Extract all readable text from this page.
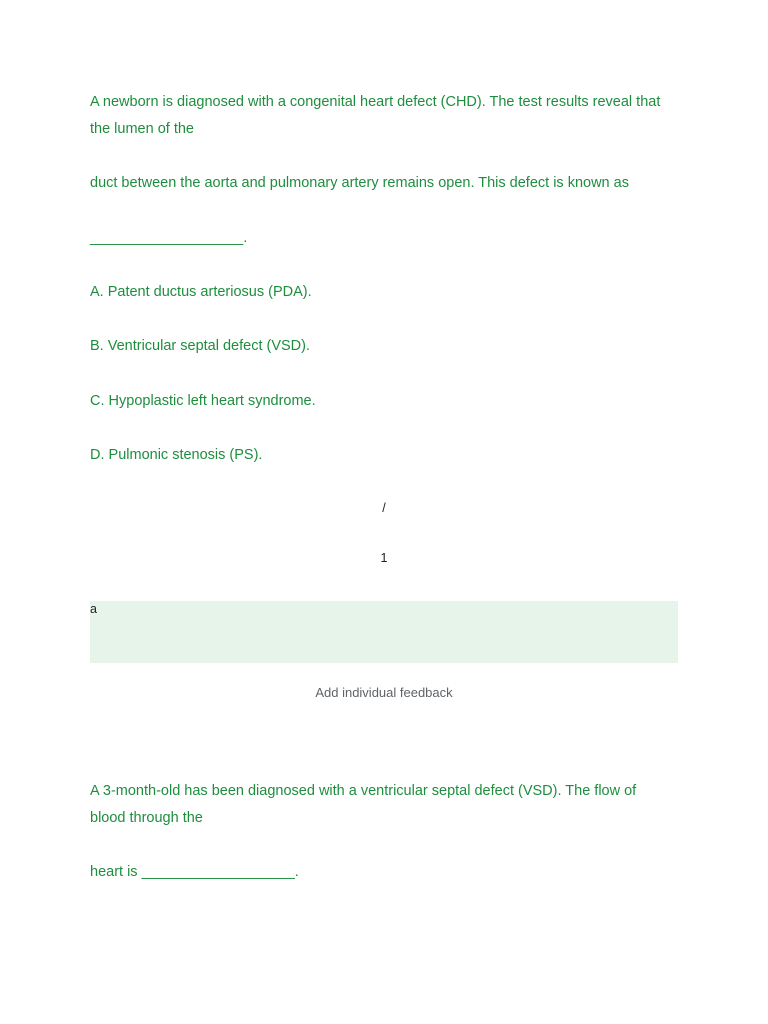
A newborn is diagnosed with a congenital heart defect (CHD). The test results reveal that the lumen of the
duct between the aorta and pulmonary artery remains open. This defect is known as
___________________.
A. Patent ductus arteriosus (PDA).
B. Ventricular septal defect (VSD).
C. Hypoplastic left heart syndrome.
D. Pulmonic stenosis (PS).
/
1
a
Add individual feedback
A 3-month-old has been diagnosed with a ventricular septal defect (VSD). The flow of blood through the
heart is ___________________.
